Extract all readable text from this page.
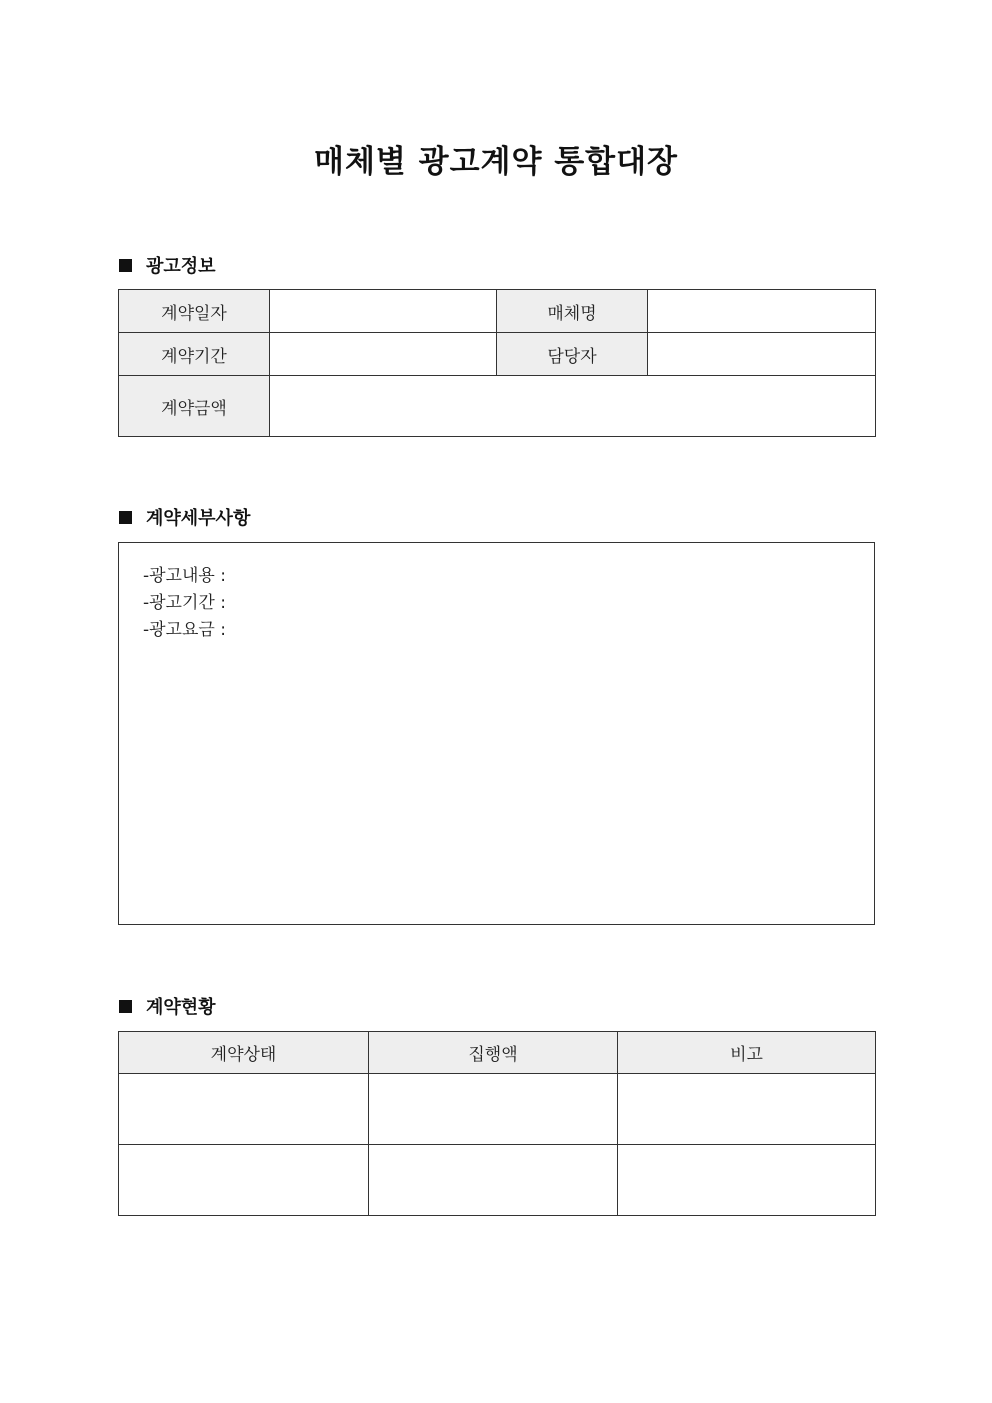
매체별 광고계약 통합대장
광고정보
계약일자		매체명	
계약기간		담당자	
계약금액			
계약세부사항
-광고내용 :
-광고기간 :
-광고요금 :
계약현황
계약상태	집행액	비고
